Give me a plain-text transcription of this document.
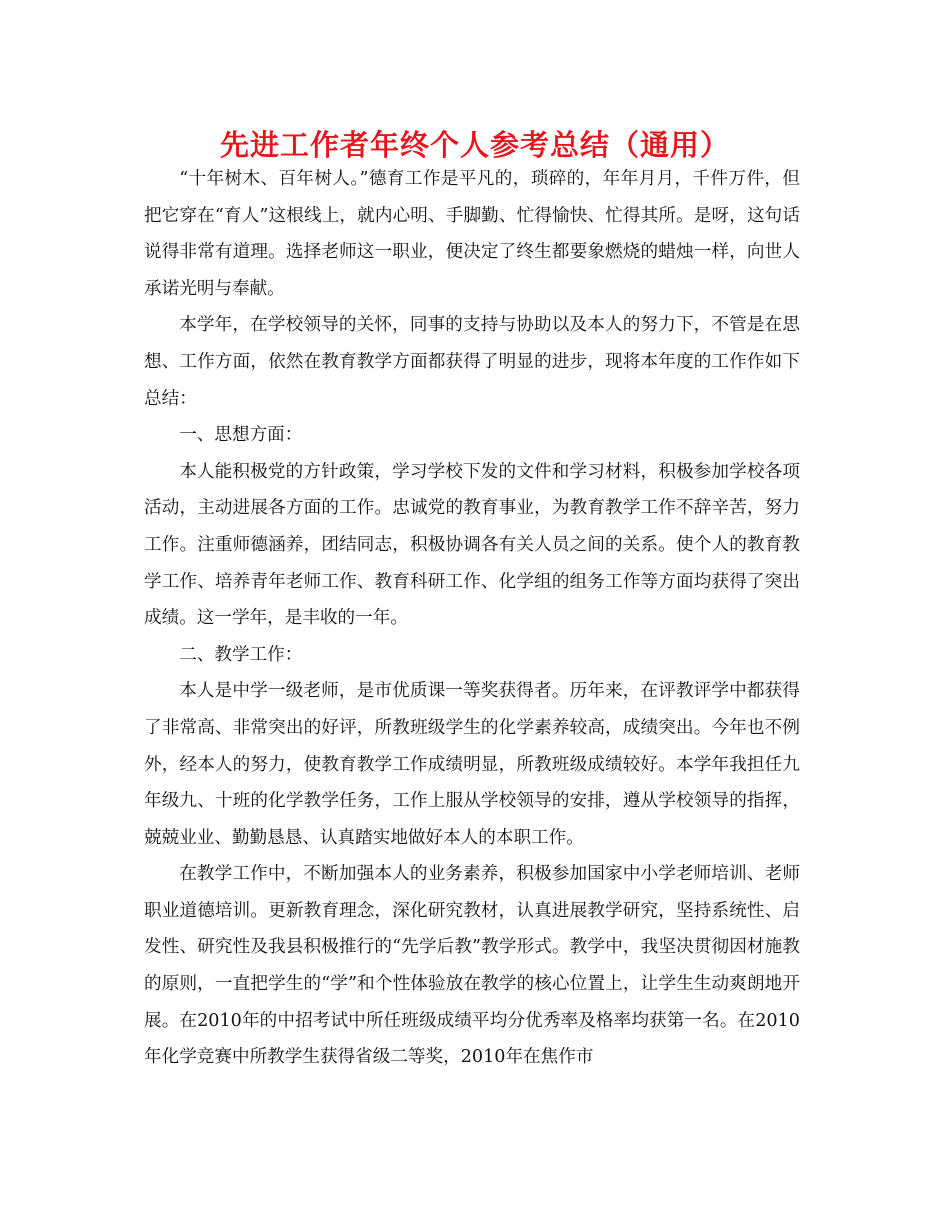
先进工作者年终个人参考总结（通用）

“十年树木、百年树人。”德育工作是平凡的，琐碎的，年年月月，千件万件，但把它穿在“育人”这根线上，就内心明、手脚勤、忙得愉快、忙得其所。是呀，这句话说得非常有道理。选择老师这一职业，便决定了终生都要象燃烧的蜡烛一样，向世人承诺光明与奉献。

本学年，在学校领导的关怀，同事的支持与协助以及本人的努力下，不管是在思想、工作方面，依然在教育教学方面都获得了明显的进步，现将本年度的工作作如下总结：

一、思想方面：

本人能积极党的方针政策，学习学校下发的文件和学习材料，积极参加学校各项活动，主动进展各方面的工作。忠诚党的教育事业，为教育教学工作不辞辛苦，努力工作。注重师德涵养，团结同志，积极协调各有关人员之间的关系。使个人的教育教学工作、培养青年老师工作、教育科研工作、化学组的组务工作等方面均获得了突出成绩。这一学年，是丰收的一年。

二、教学工作：

本人是中学一级老师，是市优质课一等奖获得者。历年来，在评教评学中都获得了非常高、非常突出的好评，所教班级学生的化学素养较高，成绩突出。今年也不例外，经本人的努力，使教育教学工作成绩明显，所教班级成绩较好。本学年我担任九年级九、十班的化学教学任务，工作上服从学校领导的安排，遵从学校领导的指挥，兢兢业业、勤勤恳恳、认真踏实地做好本人的本职工作。

在教学工作中，不断加强本人的业务素养，积极参加国家中小学老师培训、老师职业道德培训。更新教育理念，深化研究教材，认真进展教学研究，坚持系统性、启发性、研究性及我县积极推行的“先学后教”教学形式。教学中，我坚决贯彻因材施教的原则，一直把学生的“学”和个性体验放在教学的核心位置上，让学生生动爽朗地开展。在2010年的中招考试中所任班级成绩平均分优秀率及格率均获第一名。在2010年化学竞赛中所教学生获得省级二等奖，2010年在焦作市
